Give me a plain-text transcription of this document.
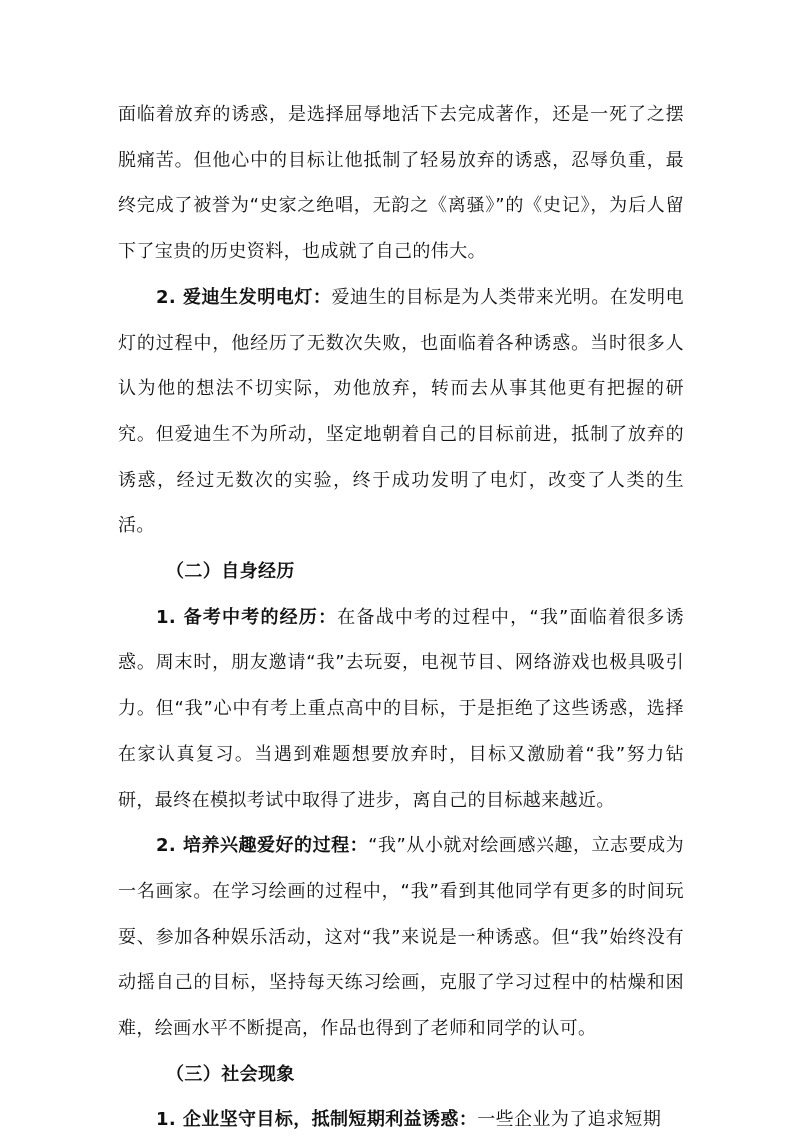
面临着放弃的诱惑，是选择屈辱地活下去完成著作，还是一死了之摆脱痛苦。但他心中的目标让他抵制了轻易放弃的诱惑，忍辱负重，最终完成了被誉为“史家之绝唱，无韵之《离骚》”的《史记》，为后人留下了宝贵的历史资料，也成就了自己的伟大。

2. 爱迪生发明电灯：爱迪生的目标是为人类带来光明。在发明电灯的过程中，他经历了无数次失败，也面临着各种诱惑。当时很多人认为他的想法不切实际，劝他放弃，转而去从事其他更有把握的研究。但爱迪生不为所动，坚定地朝着自己的目标前进，抵制了放弃的诱惑，经过无数次的实验，终于成功发明了电灯，改变了人类的生活。

（二）自身经历

1. 备考中考的经历：在备战中考的过程中，“我”面临着很多诱惑。周末时，朋友邀请“我”去玩耍，电视节目、网络游戏也极具吸引力。但“我”心中有考上重点高中的目标，于是拒绝了这些诱惑，选择在家认真复习。当遇到难题想要放弃时，目标又激励着“我”努力钻研，最终在模拟考试中取得了进步，离自己的目标越来越近。

2. 培养兴趣爱好的过程：“我”从小就对绘画感兴趣，立志要成为一名画家。在学习绘画的过程中，“我”看到其他同学有更多的时间玩耍、参加各种娱乐活动，这对“我”来说是一种诱惑。但“我”始终没有动摇自己的目标，坚持每天练习绘画，克服了学习过程中的枯燥和困难，绘画水平不断提高，作品也得到了老师和同学的认可。

（三）社会现象

1. 企业坚守目标，抵制短期利益诱惑：一些企业为了追求短期
